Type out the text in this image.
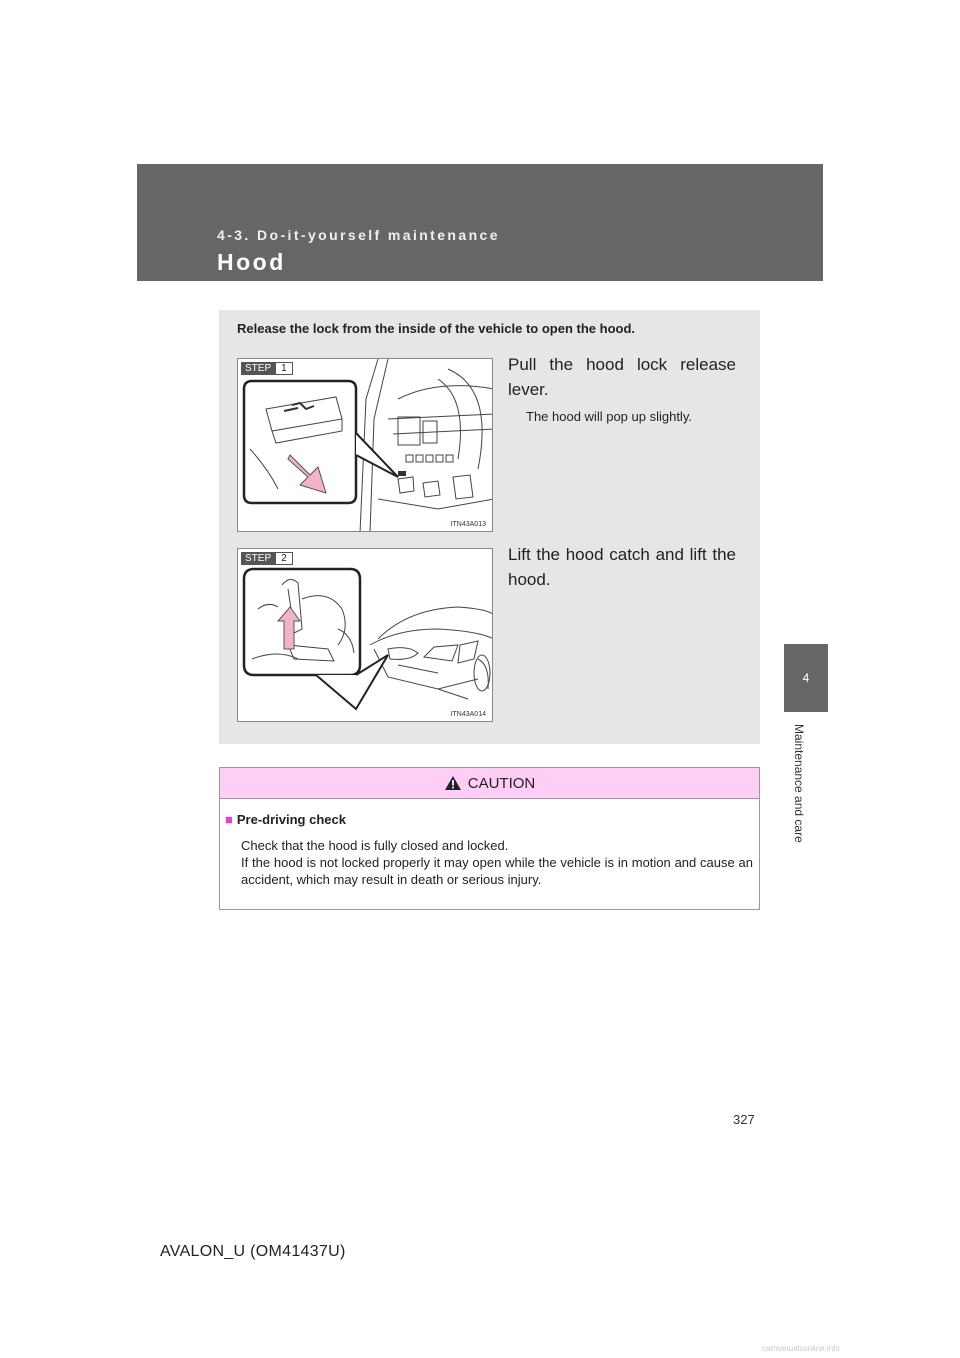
4-3. Do-it-yourself maintenance
Hood
4
Maintenance and care
Release the lock from the inside of the vehicle to open the hood.
STEP	1
ITN43A013
Pull the hood lock release lever.
The hood will pop up slightly.
STEP	2
ITN43A014
Lift the hood catch and lift the hood.
CAUTION
■ Pre-driving check

Check that the hood is fully closed and locked.

If the hood is not locked properly it may open while the vehicle is in motion and cause an accident, which may result in death or serious injury.

327
AVALON_U (OM41437U)
carmanualsonline.info
